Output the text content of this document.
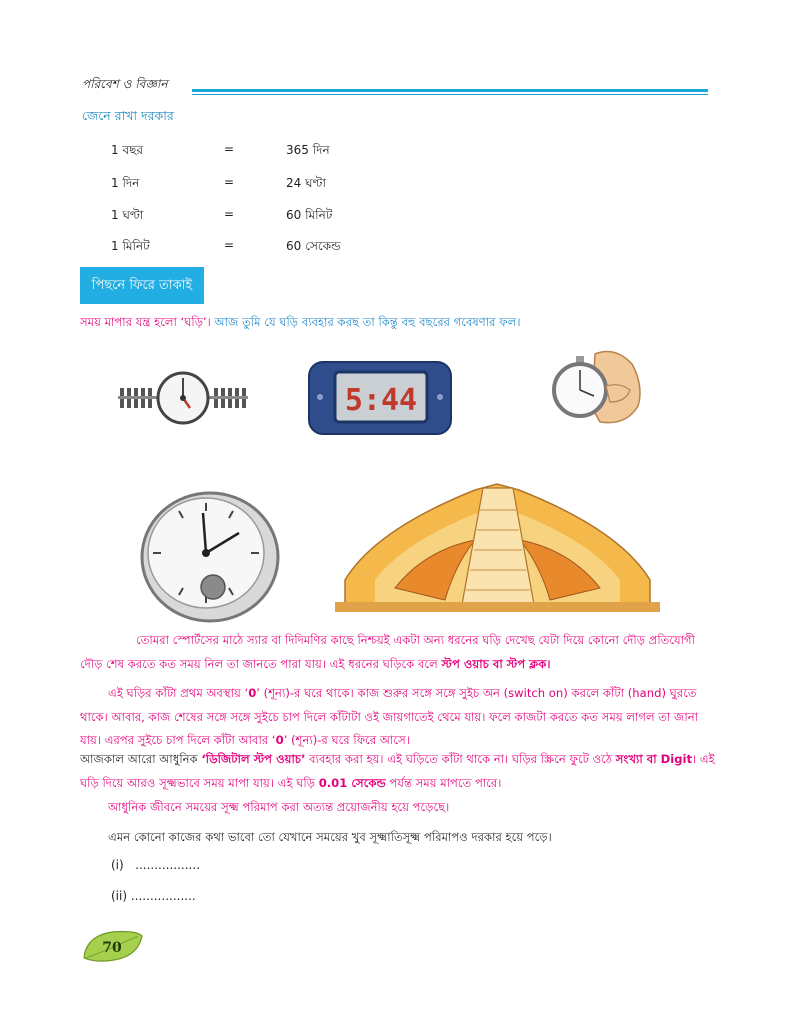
পরিবেশ ও বিজ্ঞান
জেনে রাখা দরকার
1 বছর	=	365 দিন
1 দিন	=	24 ঘণ্টা
1 ঘণ্টা	=	60 মিনিট
1 মিনিট	=	60 সেকেন্ড
পিছনে ফিরে তাকাই
সময় মাপার যন্ত্র হলো ‘ঘড়ি’। আজ তুমি যে ঘড়ি ব্যবহার করছ তা কিন্তু বহু বছরের গবেষণার ফল।
5:44
তোমরা স্পোর্টসের মাঠে স্যার বা দিদিমণির কাছে নিশ্চয়ই একটা অন্য ধরনের ঘড়ি দেখেছ যেটা দিয়ে কোনো দৌড় প্রতিযোগী দৌড় শেষ করতে কত সময় নিল তা জানতে পারা যায়। এই ধরনের ঘড়িকে বলে স্টপ ওয়াচ বা স্টপ ক্লক।
এই ঘড়ির কাঁটা প্রথম অবস্থায় ‘0’ (শূন্য)-র ঘরে থাকে। কাজ শুরুর সঙ্গে সঙ্গে সুইচ অন (switch on) করলে কাঁটা (hand) ঘুরতে থাকে। আবার, কাজ শেষের সঙ্গে সঙ্গে সুইচে চাপ দিলে কাঁটাটা ওই জায়গাতেই থেমে যায়। ফলে কাজটা করতে কত সময় লাগল তা জানা যায়। এরপর সুইচে চাপ দিলে কাঁটা আবার ‘0’ (শূন্য)-র ঘরে ফিরে আসে।
আজকাল আরো আধুনিক ‘ডিজিটাল স্টপ ওয়াচ’ ব্যবহার করা হয়। এই ঘড়িতে কাঁটা থাকে না। ঘড়ির স্ক্রিনে ফুটে ওঠে সংখ্যা বা Digit। এই ঘড়ি দিয়ে আরও সূক্ষ্মভাবে সময় মাপা যায়। এই ঘড়ি 0.01 সেকেন্ড পর্যন্ত সময় মাপতে পারে।
আধুনিক জীবনে সময়ের সূক্ষ্ম পরিমাপ করা অত্যন্ত প্রয়োজনীয় হয়ে পড়েছে।
এমন কোনো কাজের কথা ভাবো তো যেখানে সময়ের খুব সূক্ষ্মাতিসূক্ষ্ম পরিমাপও দরকার হয়ে পড়ে।
(i) .................
(ii) .................
70
